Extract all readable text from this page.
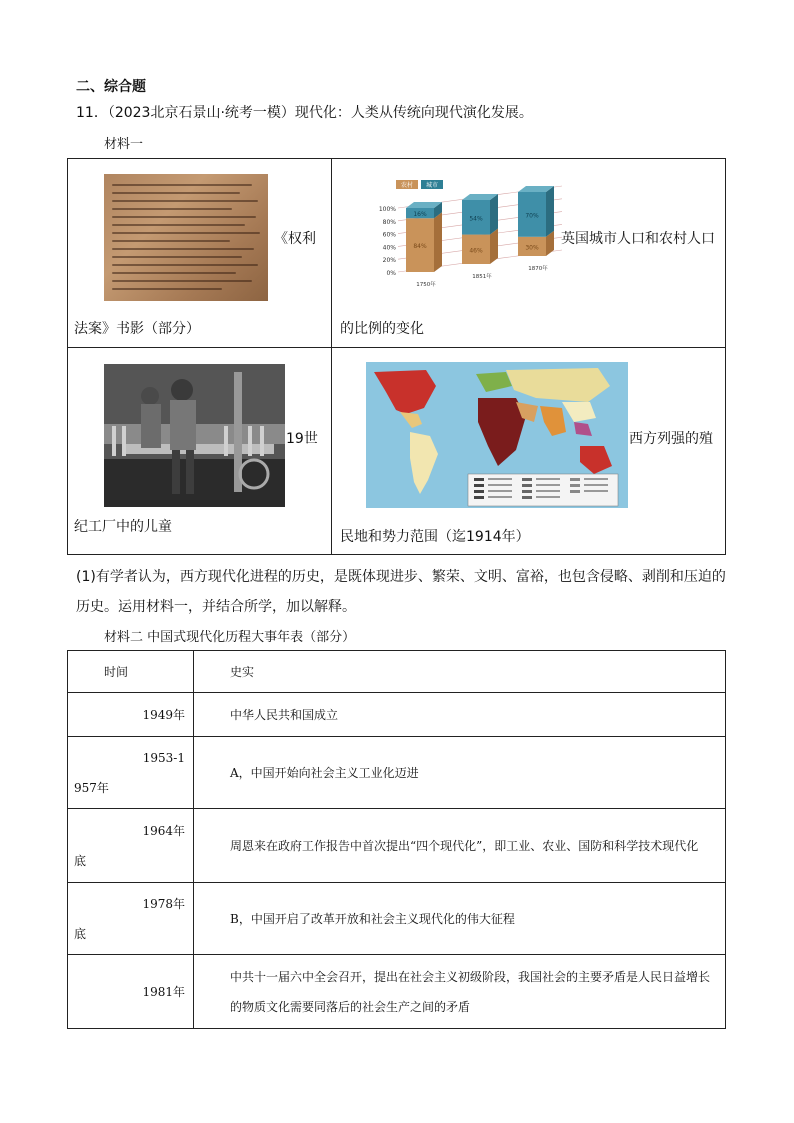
二、综合题
11．（2023北京石景山·统考一模）现代化：人类从传统向现代演化发展。
材料一
《权利
法案》书影（部分）
100%
80%
60%
40%
20%
0%
农村 城市
84%
16%
1750年
46%
54%
1851年
30%
70%
1870年
英国城市人口和农村人口
的比例的变化
19世
纪工厂中的儿童
西方列强的殖
民地和势力范围（迄1914年）
(1)有学者认为，西方现代化进程的历史，是既体现进步、繁荣、文明、富裕，也包含侵略、剥削和压迫的历史。运用材料一，并结合所学，加以解释。
材料二 中国式现代化历程大事年表（部分）
时间	史实
1949年	中华人民共和国成立

1953-1
957年	A，中国开始向社会主义工业化迈进

1964年
底	周恩来在政府工作报告中首次提出“四个现代化”，即工业、农业、国防和科学技术现代化

1978年
底	B，中国开启了改革开放和社会主义现代化的伟大征程
1981年	中共十一届六中全会召开，提出在社会主义初级阶段，我国社会的主要矛盾是人民日益增长的物质文化需要同落后的社会生产之间的矛盾
